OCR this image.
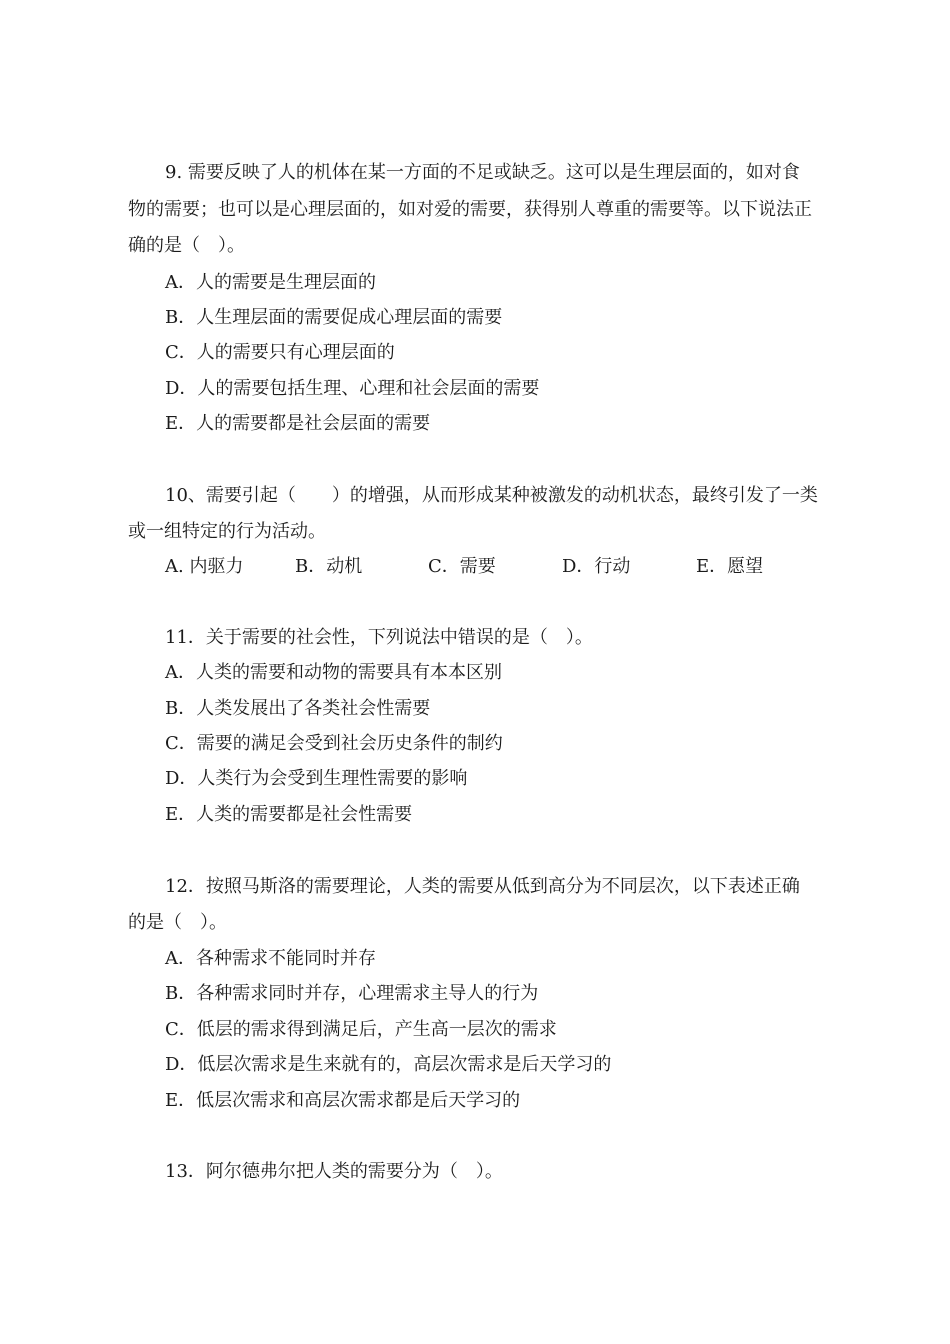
9. 需要反映了人的机体在某一方面的不足或缺乏。这可以是生理层面的，如对食
物的需要；也可以是心理层面的，如对爱的需要，获得别人尊重的需要等。以下说法正
确的是（　）。
A．人的需要是生理层面的
B．人生理层面的需要促成心理层面的需要
C．人的需要只有心理层面的
D．人的需要包括生理、心理和社会层面的需要
E．人的需要都是社会层面的需要
10、需要引起（　　）的增强，从而形成某种被激发的动机状态，最终引发了一类
或一组特定的行为活动。
A. 内驱力	B．动机	C．需要	D．行动	E．愿望
11．关于需要的社会性，下列说法中错误的是（　）。
A．人类的需要和动物的需要具有本本区别
B．人类发展出了各类社会性需要
C．需要的满足会受到社会历史条件的制约
D．人类行为会受到生理性需要的影响
E．人类的需要都是社会性需要
12．按照马斯洛的需要理论，人类的需要从低到高分为不同层次，以下表述正确
的是（　）。
A．各种需求不能同时并存
B．各种需求同时并存，心理需求主导人的行为
C．低层的需求得到满足后，产生高一层次的需求
D．低层次需求是生来就有的，高层次需求是后天学习的
E．低层次需求和高层次需求都是后天学习的
13．阿尔德弗尔把人类的需要分为（　）。
